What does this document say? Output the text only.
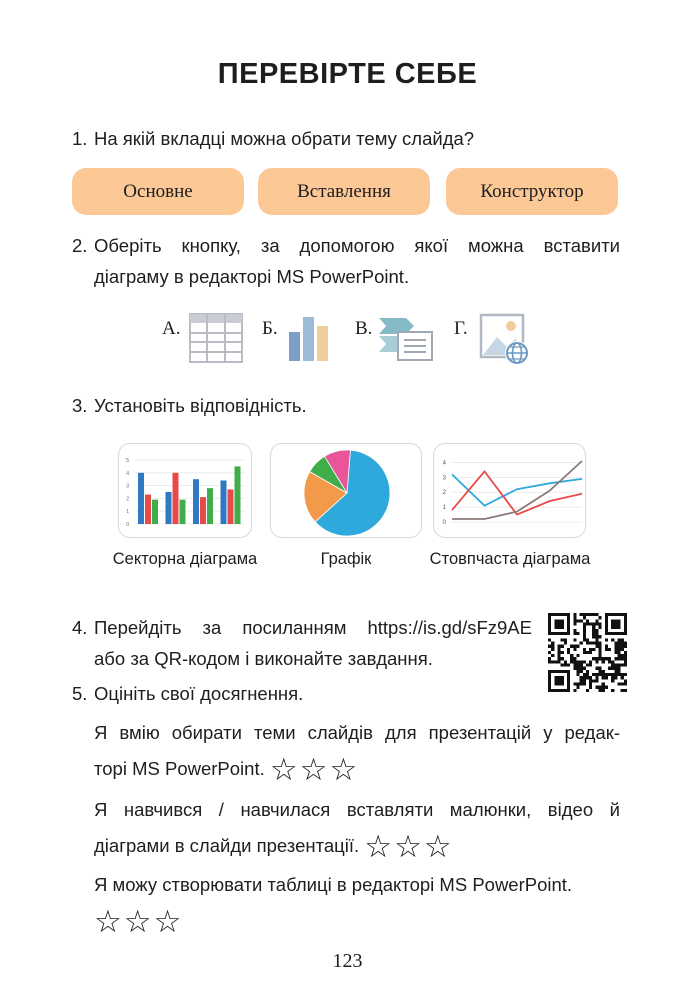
ПЕРЕВІРТЕ СЕБЕ
1. На якій вкладці можна обрати тему слайда?
Основне	Вставлення	Конструктор
2. Оберіть кнопку, за допомогою якої можна вставити
діаграму в редакторі MS PowerPoint.
А.	Б.	В.	Г.
3. Установіть відповідність.
0
1
2
3
4
5
0
1
2
3
4
Секторна діаграма	Графік	Стовпчаста діаграма
4. Перейдіть за посиланням https://is.gd/sFz9AE
або за QR-кодом і виконайте завдання.
5. Оцініть свої досягнення.
Я вмію обирати теми слайдів для презентацій у редак-
торі MS PowerPoint. ☆☆☆
Я навчився / навчилася вставляти малюнки, відео й
діаграми в слайди презентації. ☆☆☆
Я можу створювати таблиці в редакторі MS PowerPoint.
☆☆☆
123
